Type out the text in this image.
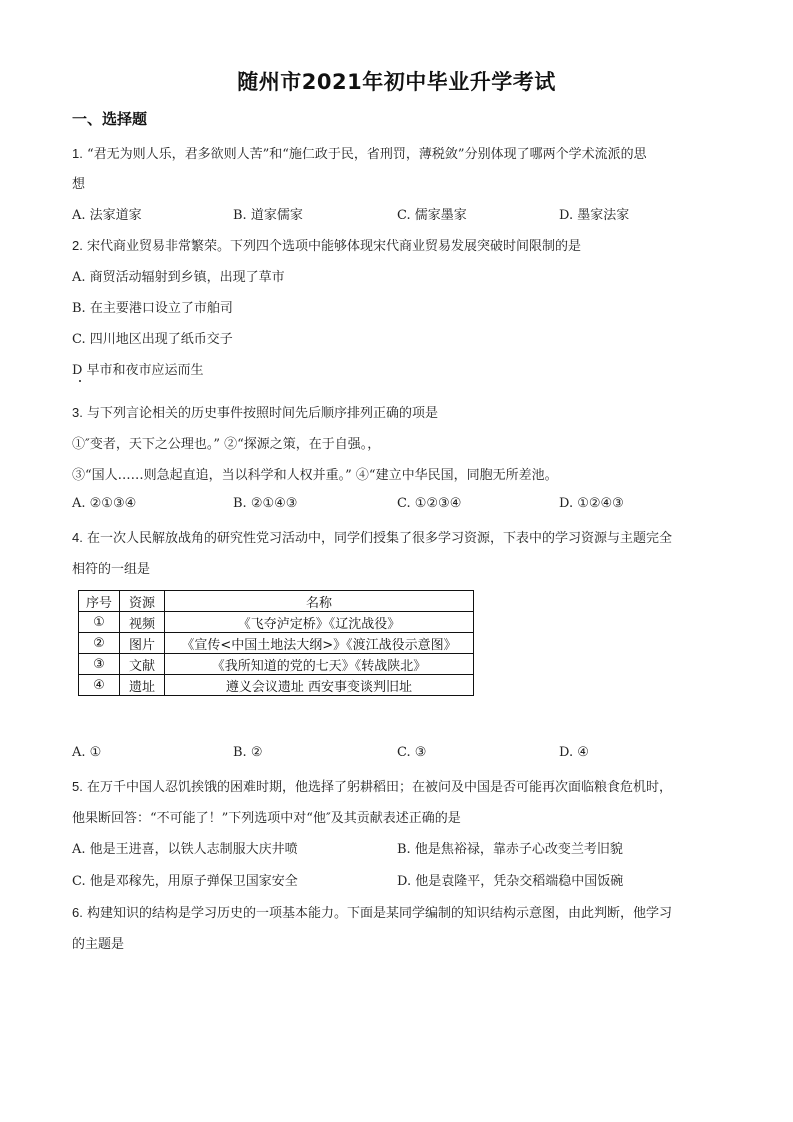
随州市2021年初中毕业升学考试
一、选择题
1. “君无为则人乐，君多欲则人苦”和“施仁政于民，省刑罚，薄税敛”分别体现了哪两个学术流派的思
想
A. 法家道家	B. 道家儒家	C. 儒家墨家	D. 墨家法家
2. 宋代商业贸易非常繁荣。下列四个选项中能够体现宋代商业贸易发展突破时间限制的是
A. 商贸活动辐射到乡镇，出现了草市
B. 在主要港口设立了市舶司
C. 四川地区出现了纸币交子
D 早市和夜市应运而生
3. 与下列言论相关的历史事件按照时间先后顺序排列正确的项是
①″变者，天下之公理也。” ②“探源之策，在于自强。，
③“国人……则急起直追，当以科学和人权并重。” ④“建立中华民国，同胞无所差池。
A. ②①③④	B. ②①④③	C. ①②③④	D. ①②④③
4. 在一次人民解放战角的研究性党习活动中，同学们授集了很多学习资源，下表中的学习资源与主题完全
相符的一组是
序号	资源	名称
①	视频	《飞夺泸定桥》《辽沈战役》
②	图片	《宣传<中国土地法大纲>》《渡江战役示意图》
③	文献	《我所知道的党的七天》《转战陕北》
④	遗址	遵义会议遗址 西安事变谈判旧址
A. ①	B. ②	C. ③	D. ④
5. 在万千中国人忍饥挨饿的困难时期，他选择了躬耕稻田；在被问及中国是否可能再次面临粮食危机时，
他果断回答：“不可能了！”下列选项中对“他″及其贡献表述正确的是
A. 他是王进喜，以铁人志制服大庆井喷	B. 他是焦裕禄，靠赤子心改变兰考旧貌
C. 他是邓稼先，用原子弹保卫国家安全	D. 他是袁隆平，凭杂交稻端稳中国饭碗
6. 构建知识的结构是学习历史的一项基本能力。下面是某同学编制的知识结构示意图，由此判断，他学习
的主题是
